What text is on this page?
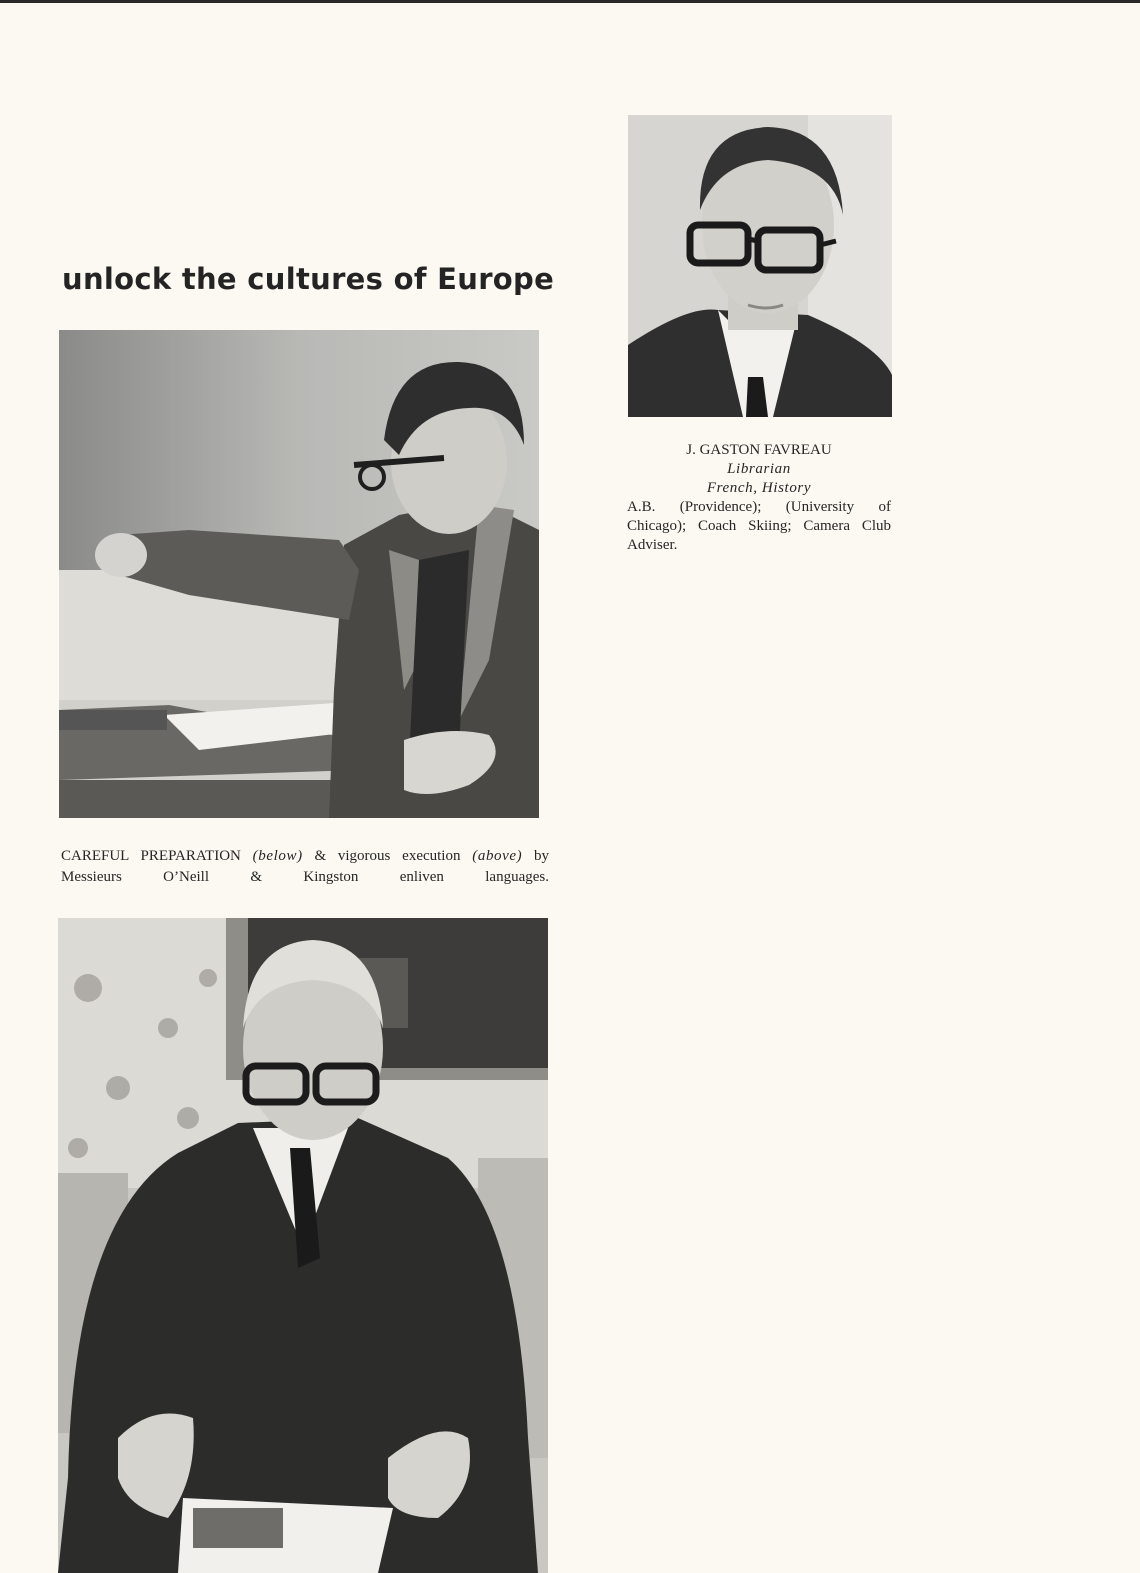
unlock the cultures of Europe
J. GASTON FAVREAU
Librarian
French, History
A.B. (Providence); (University of Chicago); Coach Skiing; Camera Club Adviser.
CAREFUL PREPARATION (below) & vigorous execution (above) by Messieurs O’Neill & Kingston enliven languages.
